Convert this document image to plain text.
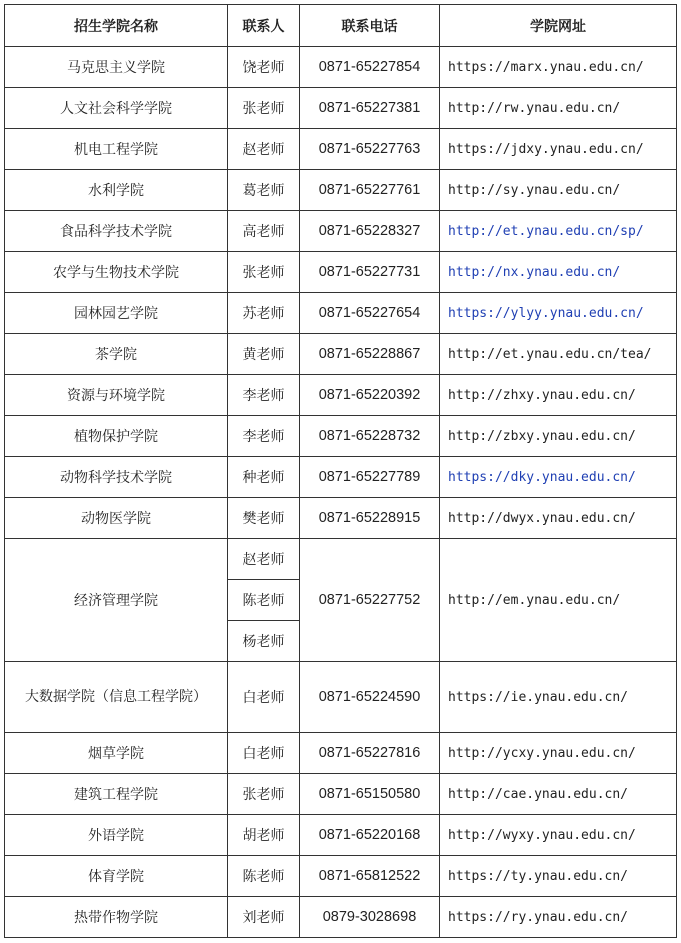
招生学院名称	联系人	联系电话	学院网址
马克思主义学院	饶老师	0871-65227854	https://marx.ynau.edu.cn/
人文社会科学学院	张老师	0871-65227381	http://rw.ynau.edu.cn/
机电工程学院	赵老师	0871-65227763	https://jdxy.ynau.edu.cn/
水利学院	葛老师	0871-65227761	http://sy.ynau.edu.cn/
食品科学技术学院	高老师	0871-65228327	http://et.ynau.edu.cn/sp/
农学与生物技术学院	张老师	0871-65227731	http://nx.ynau.edu.cn/
园林园艺学院	苏老师	0871-65227654	https://ylyy.ynau.edu.cn/
茶学院	黄老师	0871-65228867	http://et.ynau.edu.cn/tea/
资源与环境学院	李老师	0871-65220392	http://zhxy.ynau.edu.cn/
植物保护学院	李老师	0871-65228732	http://zbxy.ynau.edu.cn/
动物科学技术学院	种老师	0871-65227789	https://dky.ynau.edu.cn/
动物医学院	樊老师	0871-65228915	http://dwyx.ynau.edu.cn/
经济管理学院	赵老师	0871-65227752	http://em.ynau.edu.cn/
	陈老师		
	杨老师		
大数据学院（信息工程学院）	白老师	0871-65224590	https://ie.ynau.edu.cn/
烟草学院	白老师	0871-65227816	http://ycxy.ynau.edu.cn/
建筑工程学院	张老师	0871-65150580	http://cae.ynau.edu.cn/
外语学院	胡老师	0871-65220168	http://wyxy.ynau.edu.cn/
体育学院	陈老师	0871-65812522	https://ty.ynau.edu.cn/
热带作物学院	刘老师	0879-3028698	https://ry.ynau.edu.cn/
